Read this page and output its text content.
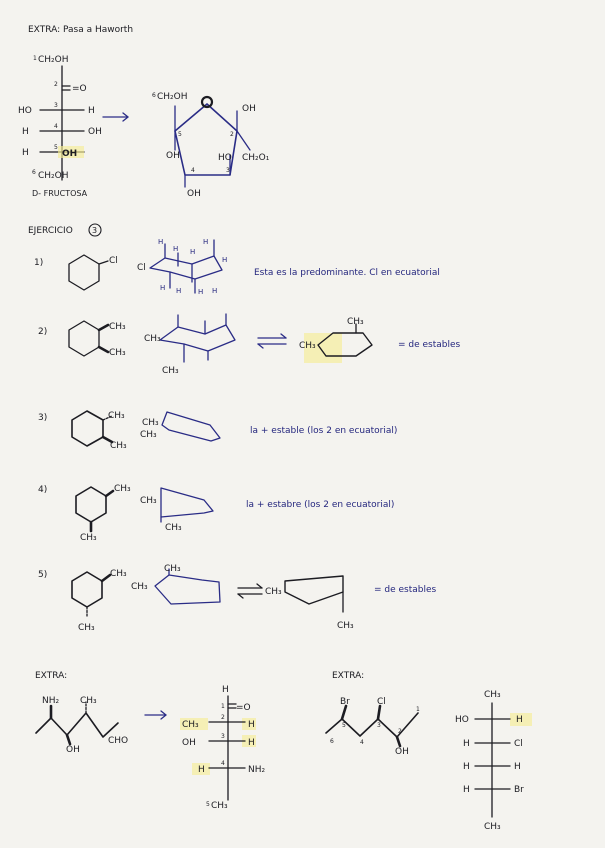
EXTRA: Pasa a Haworth
1 CH₂OH
2 =O
3
HO	H
4
H	OH
5
H	OH
6 CH₂OH
D- FRUCTOSA
6 CH₂OH
OH
OH	HO CH₂O₁
OH
5	2
4	3
EJERCICIO 3
1)	Cl
Cl
H
H H
H
H
H H H H
Esta es la predominante. Cl en ecuatorial
2)	CH₃
CH₃
CH₃
CH₃
CH₃
CH₃	= de estables
3)	CH₃
CH₃
CH₃
CH₃	la + estable (los 2 en ecuatorial)
4)	CH₃
CH₃
CH₃
CH₃
la + estabre (los 2 en ecuatorial)
5)	CH₃
CH₃
CH₃
CH₃
CH₃
CH₃
= de estables
EXTRA:
NH₂ CH₃
OH
CHO
H
=O
1
2
3
4
CH₃	H
OH	H
H	NH₂
5 CH₃
EXTRA:
Br	Cl
OH
6
5
4
3
2
1
CH₃
HO	H
H	Cl
H	H
H	Br
CH₃
